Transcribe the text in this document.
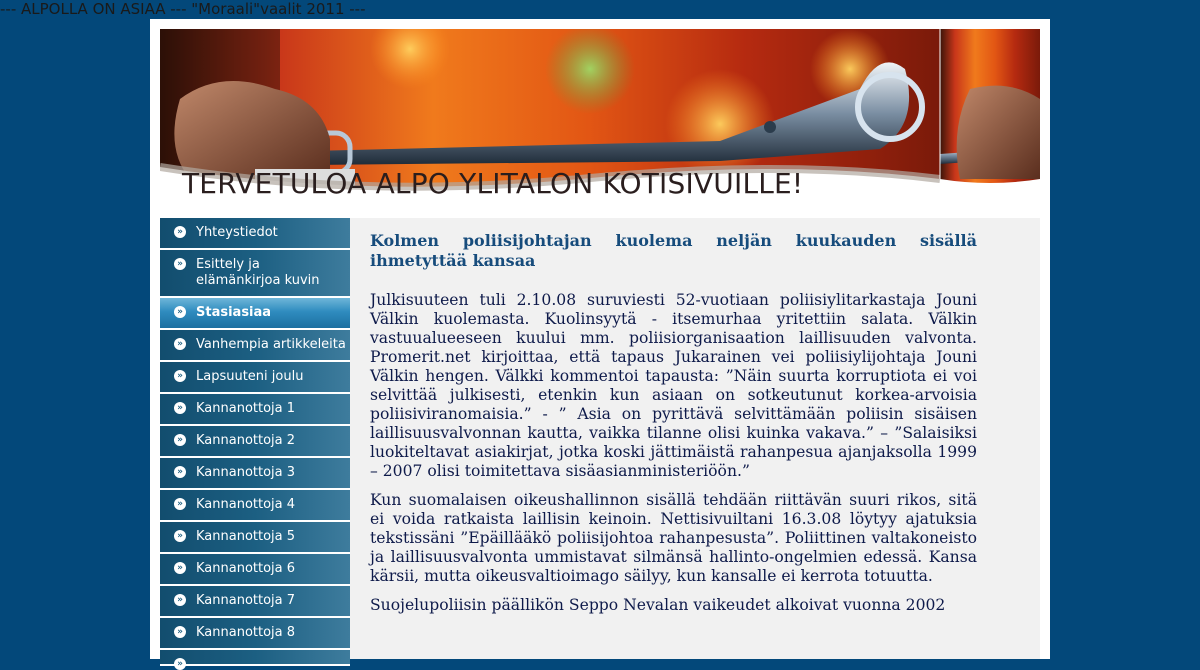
--- ALPOLLA ON ASIAA --- "Moraali"vaalit 2011 ---
TERVETULOA ALPO YLITALON KOTISIVUILLE!
» Yhteystiedot
» Esittely ja elämänkirjoa kuvin
» Stasiasiaa
» Vanhempia artikkeleita
» Lapsuuteni joulu
» Kannanottoja 1
» Kannanottoja 2
» Kannanottoja 3
» Kannanottoja 4
» Kannanottoja 5
» Kannanottoja 6
» Kannanottoja 7
» Kannanottoja 8
»
Kolmen poliisijohtajan kuolema neljän kuukauden sisällä ihmetyttää kansaa

Julkisuuteen tuli 2.10.08 suruviesti 52-vuotiaan poliisiylitarkastaja Jouni Välkin kuolemasta. Kuolinsyytä - itsemurhaa yritettiin salata. Välkin vastuualueeseen kuului mm. poliisiorganisaation laillisuuden valvonta. Promerit.net kirjoittaa, että tapaus Jukarainen vei poliisiylijohtaja Jouni Välkin hengen. Välkki kommentoi tapausta: ”Näin suurta korruptiota ei voi selvittää julkisesti, etenkin kun asiaan on sotkeutunut korkea-arvoisia poliisiviranomaisia.” - ” Asia on pyrittävä selvittämään poliisin sisäisen laillisuusvalvonnan kautta, vaikka tilanne olisi kuinka vakava.” – ”Salaisiksi luokiteltavat asiakirjat, jotka koski jättimäistä rahanpesua ajanjaksolla 1999 – 2007 olisi toimitettava sisäasianministeriöön.”

Kun suomalaisen oikeushallinnon sisällä tehdään riittävän suuri rikos, sitä ei voida ratkaista laillisin keinoin. Nettisivuiltani 16.3.08 löytyy ajatuksia tekstissäni ”Epäillääkö poliisijohtoa rahanpesusta”. Poliittinen valtakoneisto ja laillisuusvalvonta ummistavat silmänsä hallinto-ongelmien edessä. Kansa kärsii, mutta oikeusvaltioimago säilyy, kun kansalle ei kerrota totuutta.

Suojelupoliisin päällikön Seppo Nevalan vaikeudet alkoivat vuonna 2002
